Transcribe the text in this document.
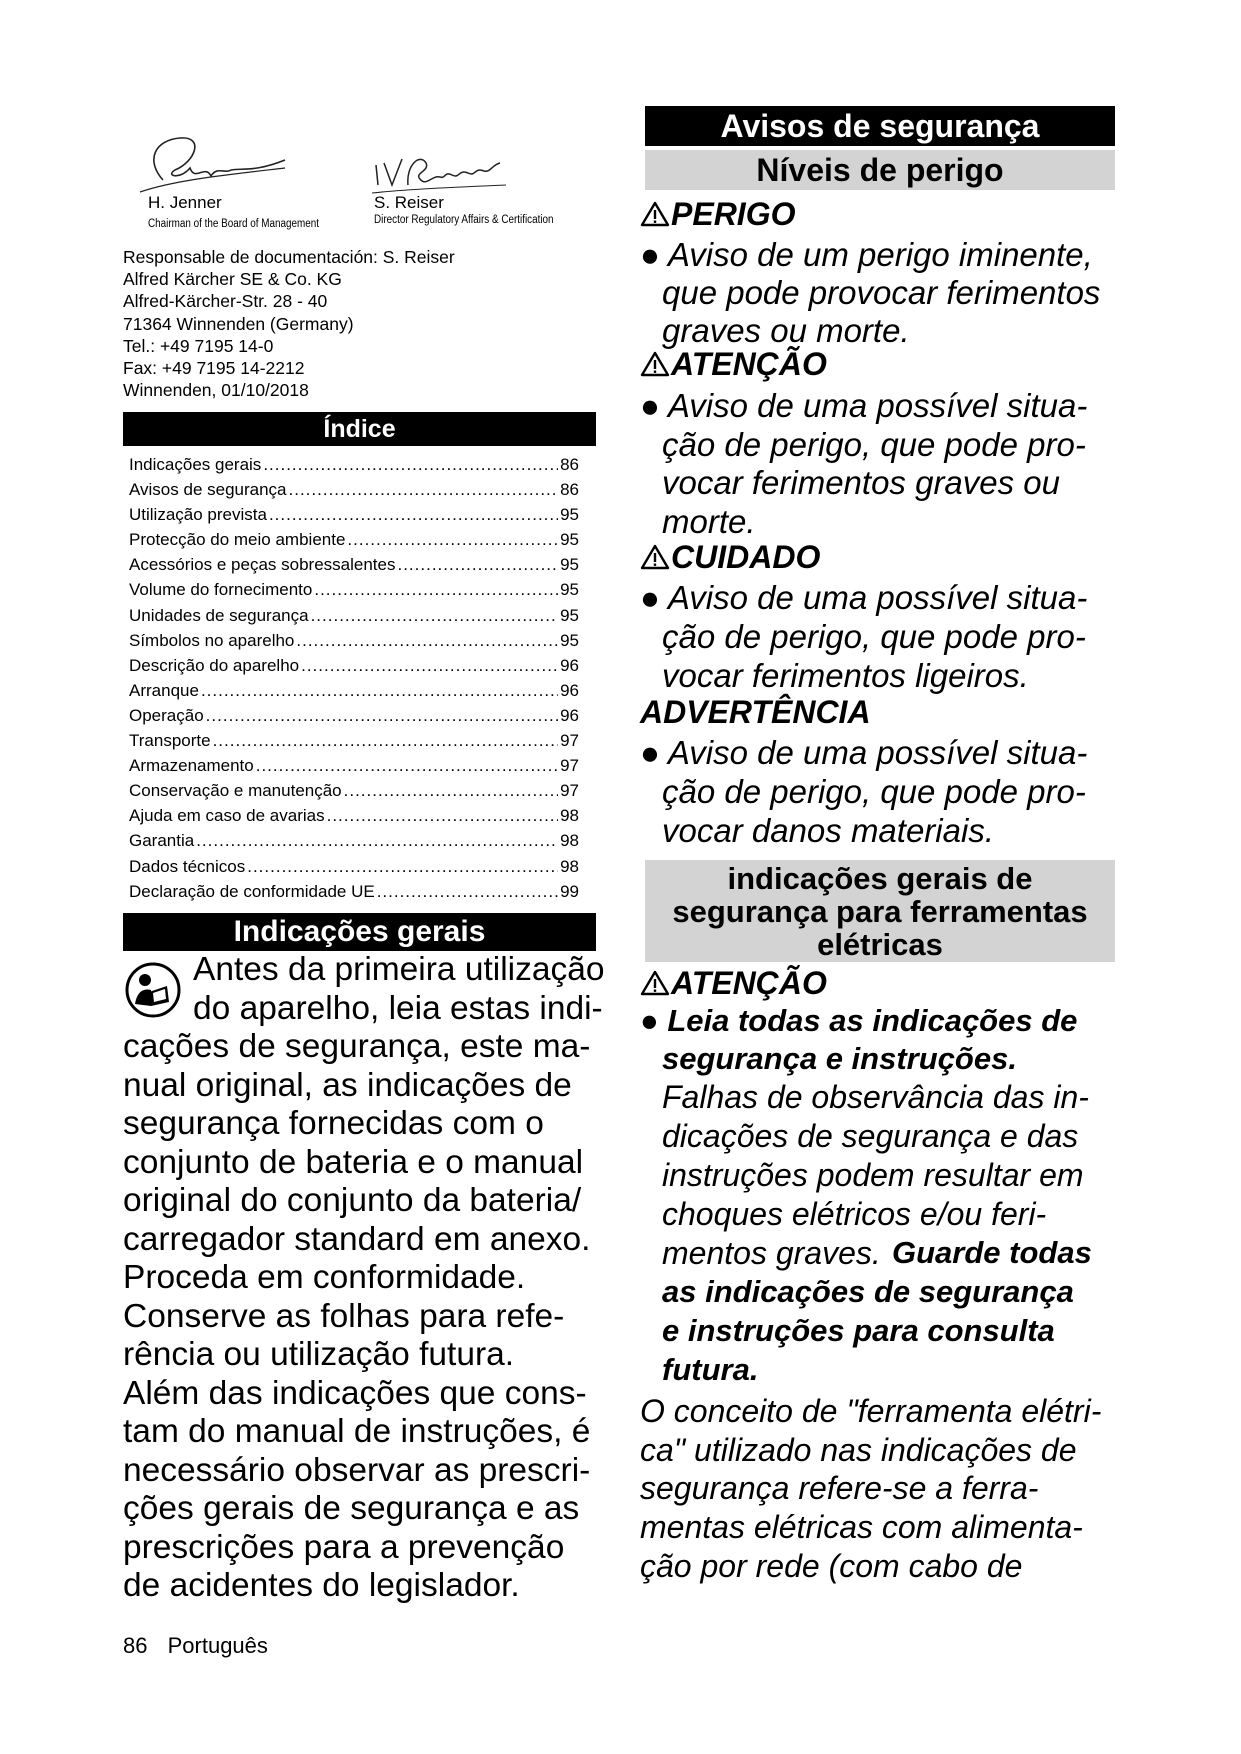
H. Jenner
Chairman of the Board of Management
S. Reiser
Director Regulatory Affairs & Certification
Responsable de documentación: S. Reiser
Alfred Kärcher SE & Co. KG
Alfred-Kärcher-Str. 28 - 40
71364 Winnenden (Germany)
Tel.: +49 7195 14-0
Fax: +49 7195 14-2212
Winnenden, 01/10/2018
Índice
Indicações gerais .....	86
Avisos de segurança .....	86
Utilização prevista .....	95
Protecção do meio ambiente .....	95
Acessórios e peças sobressalentes .....	95
Volume do fornecimento .....	95
Unidades de segurança .....	95
Símbolos no aparelho .....	95
Descrição do aparelho .....	96
Arranque .....	96
Operação .....	96
Transporte .....	97
Armazenamento .....	97
Conservação e manutenção .....	97
Ajuda em caso de avarias .....	98
Garantia .....	98
Dados técnicos .....	98
Declaração de conformidade UE .....	99
Indicações gerais
Antes da primeira utilização
do aparelho, leia estas indi-
cações de segurança, este ma-
nual original, as indicações de
segurança fornecidas com o
conjunto de bateria e o manual
original do conjunto da bateria/
carregador standard em anexo.
Proceda em conformidade.
Conserve as folhas para refe-
rência ou utilização futura.
Além das indicações que cons-
tam do manual de instruções, é
necessário observar as prescri-
ções gerais de segurança e as
prescrições para a prevenção
de acidentes do legislador.
Avisos de segurança
Níveis de perigo
PERIGO
● Aviso de um perigo iminente,
que pode provocar ferimentos
graves ou morte.
ATENÇÃO
● Aviso de uma possível situa-
ção de perigo, que pode pro-
vocar ferimentos graves ou
morte.
CUIDADO
● Aviso de uma possível situa-
ção de perigo, que pode pro-
vocar ferimentos ligeiros.
ADVERTÊNCIA
● Aviso de uma possível situa-
ção de perigo, que pode pro-
vocar danos materiais.
indicações gerais de
segurança para ferramentas
elétricas
ATENÇÃO
● Leia todas as indicações de
segurança e instruções.
Falhas de observância das in-
dicações de segurança e das
instruções podem resultar em
choques elétricos e/ou feri-
mentos graves. Guarde todas
as indicações de segurança
e instruções para consulta
futura.
O conceito de "ferramenta elétri-
ca" utilizado nas indicações de
segurança refere-se a ferra-
mentas elétricas com alimenta-
ção por rede (com cabo de
86 Português
